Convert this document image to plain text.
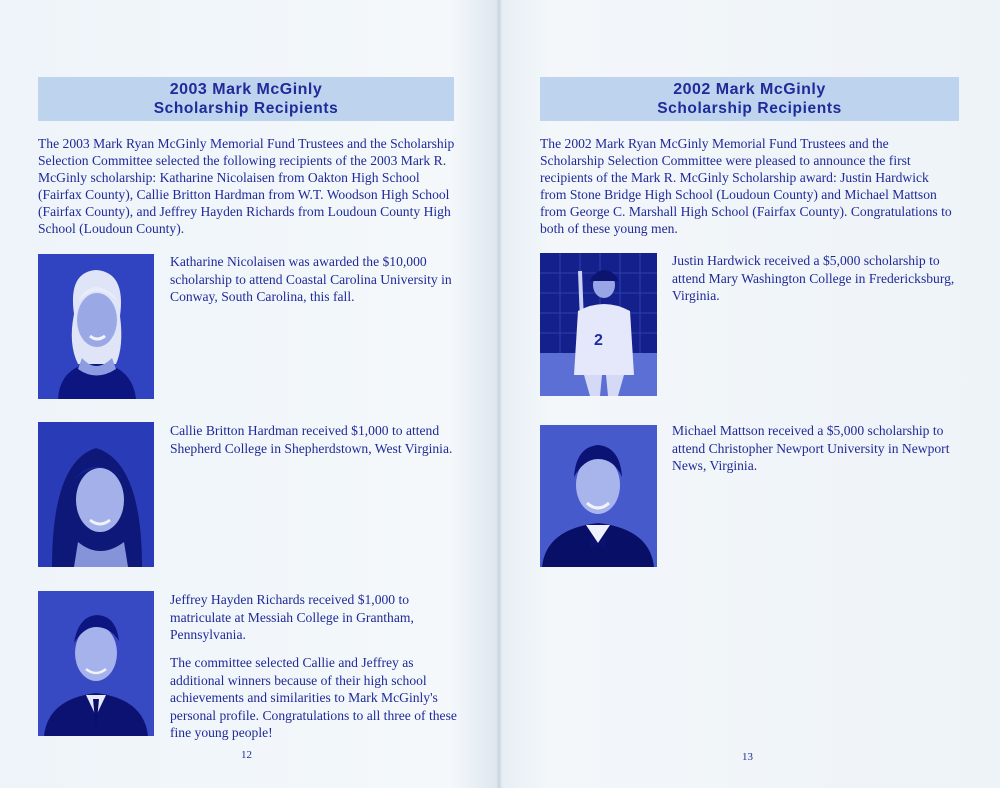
2003 Mark McGinly
Scholarship Recipients

The 2003 Mark Ryan McGinly Memorial Fund Trustees and the Scholarship Selection Committee selected the following recipients of the 2003 Mark R. McGinly scholarship: Katharine Nicolaisen from Oakton High School (Fairfax County), Callie Britton Hardman from W.T. Woodson High School (Fairfax County), and Jeffrey Hayden Richards from Loudoun County High School (Loudoun County).

Katharine Nicolaisen was awarded the $10,000 scholarship to attend Coastal Carolina University in Conway, South Carolina, this fall.

Callie Britton Hardman received $1,000 to attend Shepherd College in Shepherdstown, West Virginia.

Jeffrey Hayden Richards received $1,000 to matriculate at Messiah College in Grantham, Pennsylvania.

The committee selected Callie and Jeffrey as additional winners because of their high school achievements and similarities to Mark McGinly's personal profile. Congratulations to all three of these fine young people!

12
2002 Mark McGinly
Scholarship Recipients

The 2002 Mark Ryan McGinly Memorial Fund Trustees and the Scholarship Selection Committee were pleased to announce the first recipients of the Mark R. McGinly Scholarship award: Justin Hardwick from Stone Bridge High School (Loudoun County) and Michael Mattson from George C. Marshall High School (Fairfax County). Congratulations to both of these young men.

2

Justin Hardwick received a $5,000 scholarship to attend Mary Washington College in Fredericksburg, Virginia.

Michael Mattson received a $5,000 scholarship to attend Christopher Newport University in Newport News, Virginia.

13
